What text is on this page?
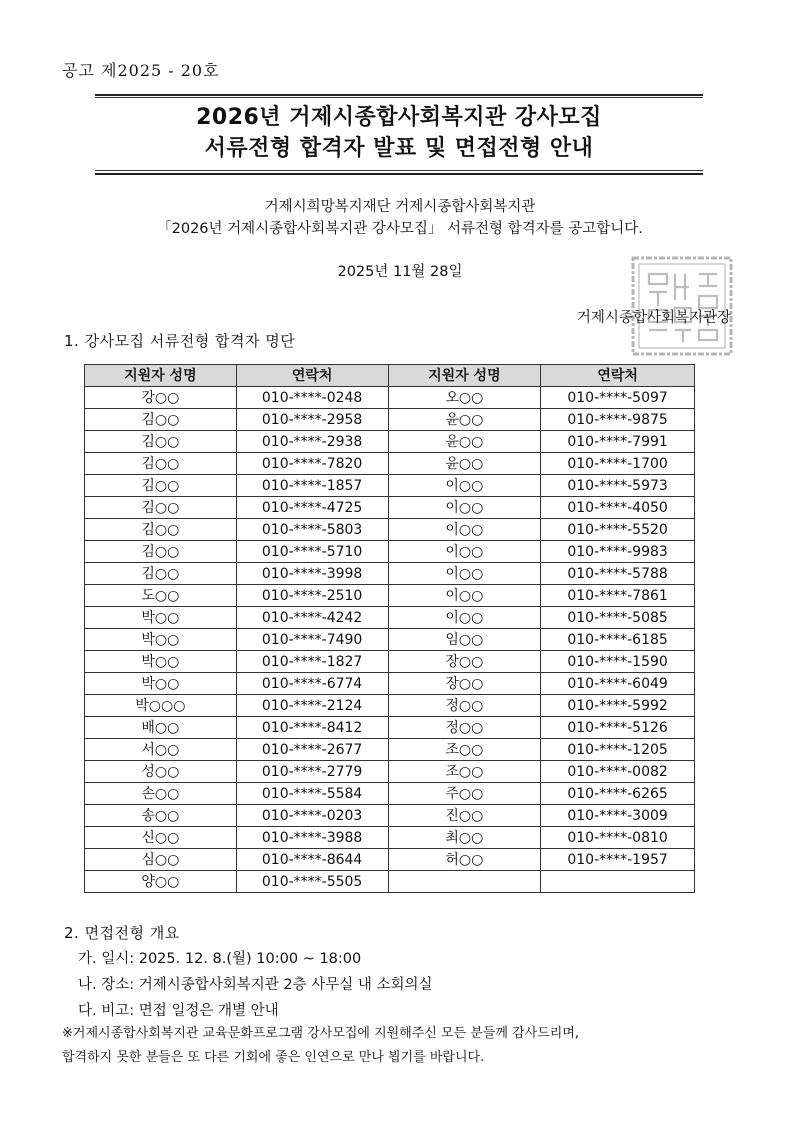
공고 제2025 - 20호
2026년 거제시종합사회복지관 강사모집
서류전형 합격자 발표 및 면접전형 안내
거제시희망복지재단 거제시종합사회복지관
「2026년 거제시종합사회복지관 강사모집」 서류전형 합격자를 공고합니다.
2025년 11월 28일
거제시종합사회복지관장
1. 강사모집 서류전형 합격자 명단
지원자 성명	연락처	지원자 성명	연락처
강○○	010-****-0248	오○○	010-****-5097
김○○	010-****-2958	윤○○	010-****-9875
김○○	010-****-2938	윤○○	010-****-7991
김○○	010-****-7820	윤○○	010-****-1700
김○○	010-****-1857	이○○	010-****-5973
김○○	010-****-4725	이○○	010-****-4050
김○○	010-****-5803	이○○	010-****-5520
김○○	010-****-5710	이○○	010-****-9983
김○○	010-****-3998	이○○	010-****-5788
도○○	010-****-2510	이○○	010-****-7861
박○○	010-****-4242	이○○	010-****-5085
박○○	010-****-7490	임○○	010-****-6185
박○○	010-****-1827	장○○	010-****-1590
박○○	010-****-6774	장○○	010-****-6049
박○○○	010-****-2124	정○○	010-****-5992
배○○	010-****-8412	정○○	010-****-5126
서○○	010-****-2677	조○○	010-****-1205
성○○	010-****-2779	조○○	010-****-0082
손○○	010-****-5584	주○○	010-****-6265
송○○	010-****-0203	진○○	010-****-3009
신○○	010-****-3988	최○○	010-****-0810
심○○	010-****-8644	허○○	010-****-1957
양○○	010-****-5505		
2. 면접전형 개요
가. 일시: 2025. 12. 8.(월) 10:00 ~ 18:00
나. 장소: 거제시종합사회복지관 2층 사무실 내 소회의실
다. 비고: 면접 일정은 개별 안내
※거제시종합사회복지관 교육문화프로그램 강사모집에 지원해주신 모든 분들께 감사드리며,
합격하지 못한 분들은 또 다른 기회에 좋은 인연으로 만나 뵙기를 바랍니다.
